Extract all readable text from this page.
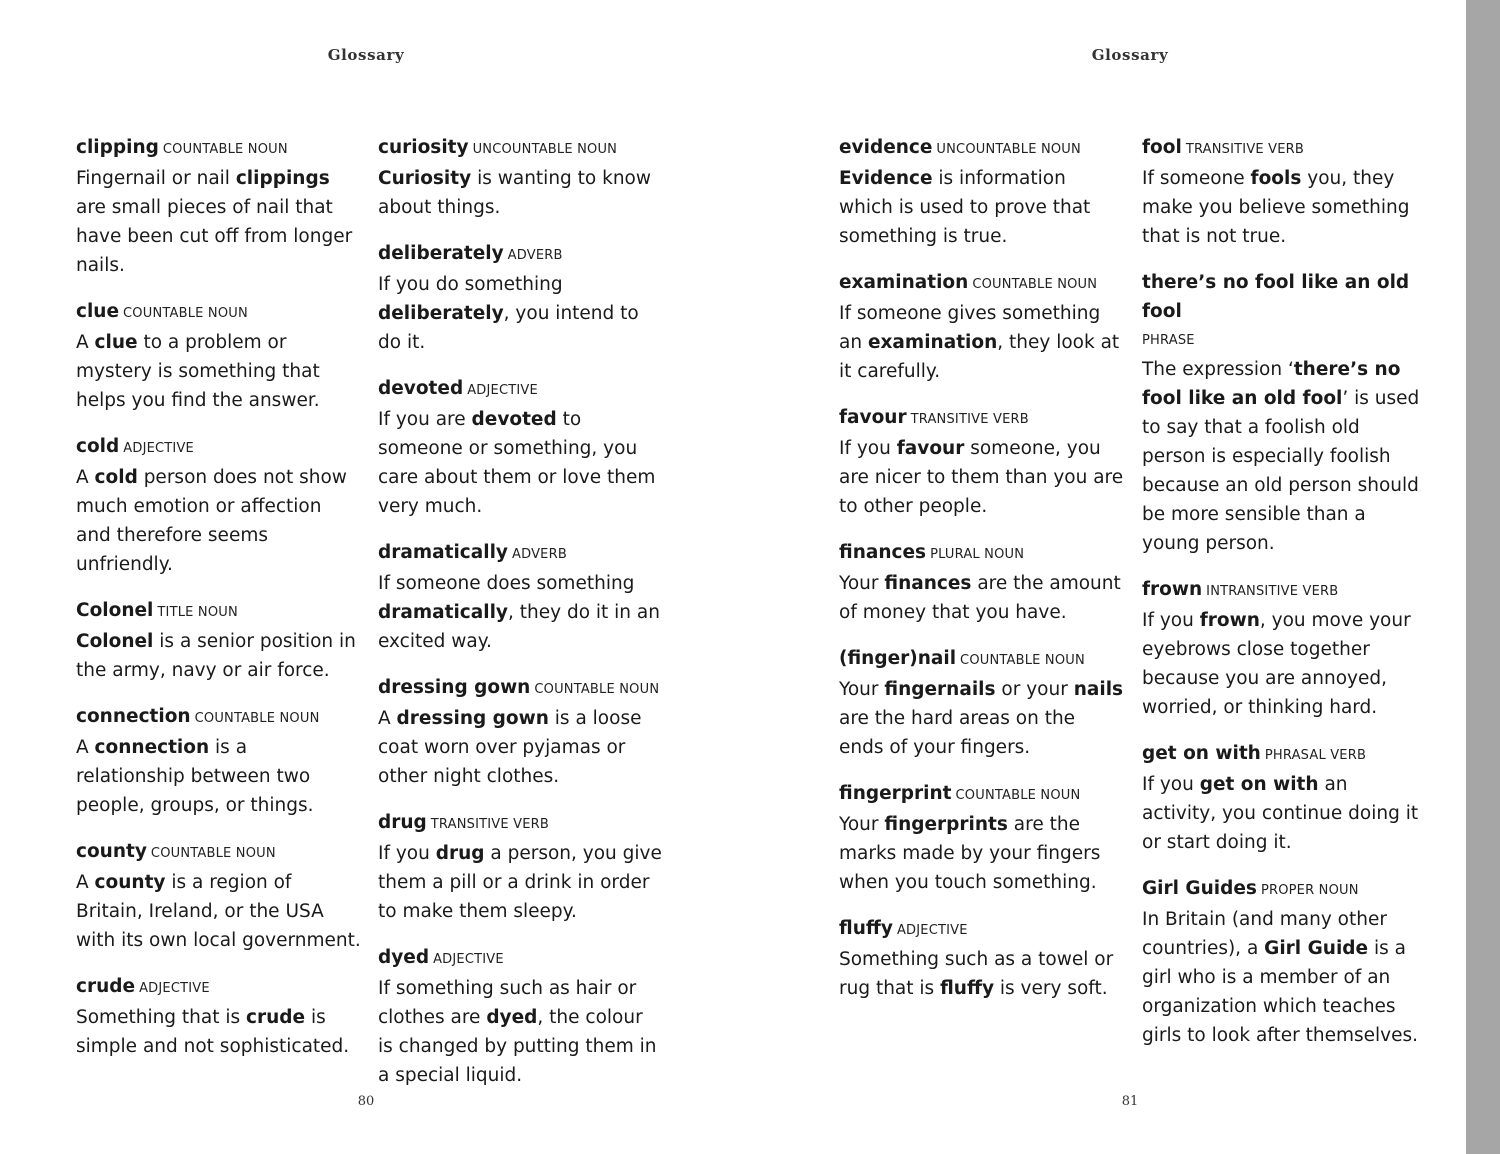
Glossary
clipping COUNTABLE NOUN
Fingernail or nail clippings are small pieces of nail that have been cut off from longer nails.
clue COUNTABLE NOUN
A clue to a problem or mystery is something that helps you find the answer.
cold ADJECTIVE
A cold person does not show much emotion or affection and therefore seems unfriendly.
Colonel TITLE NOUN
Colonel is a senior position in the army, navy or air force.
connection COUNTABLE NOUN
A connection is a relationship between two people, groups, or things.
county COUNTABLE NOUN
A county is a region of Britain, Ireland, or the USA with its own local government.
crude ADJECTIVE
Something that is crude is simple and not sophisticated.
curiosity UNCOUNTABLE NOUN
Curiosity is wanting to know about things.
deliberately ADVERB
If you do something deliberately, you intend to do it.
devoted ADJECTIVE
If you are devoted to someone or something, you care about them or love them very much.
dramatically ADVERB
If someone does something dramatically, they do it in an excited way.
dressing gown COUNTABLE NOUN
A dressing gown is a loose coat worn over pyjamas or other night clothes.
drug TRANSITIVE VERB
If you drug a person, you give them a pill or a drink in order to make them sleepy.
dyed ADJECTIVE
If something such as hair or clothes are dyed, the colour is changed by putting them in a special liquid.
80
Glossary
evidence UNCOUNTABLE NOUN
Evidence is information which is used to prove that something is true.
examination COUNTABLE NOUN
If someone gives something an examination, they look at it carefully.
favour TRANSITIVE VERB
If you favour someone, you are nicer to them than you are to other people.
finances PLURAL NOUN
Your finances are the amount of money that you have.
(finger)nail COUNTABLE NOUN
Your fingernails or your nails are the hard areas on the ends of your fingers.
fingerprint COUNTABLE NOUN
Your fingerprints are the marks made by your fingers when you touch something.
fluffy ADJECTIVE
Something such as a towel or rug that is fluffy is very soft.
fool TRANSITIVE VERB
If someone fools you, they make you believe something that is not true.
there’s no fool like an old fool
PHRASE
The expression ‘there’s no fool like an old fool’ is used to say that a foolish old person is especially foolish because an old person should be more sensible than a young person.
frown INTRANSITIVE VERB
If you frown, you move your eyebrows close together because you are annoyed, worried, or thinking hard.
get on with PHRASAL VERB
If you get on with an activity, you continue doing it or start doing it.
Girl Guides PROPER NOUN
In Britain (and many other countries), a Girl Guide is a girl who is a member of an organization which teaches girls to look after themselves.
81
